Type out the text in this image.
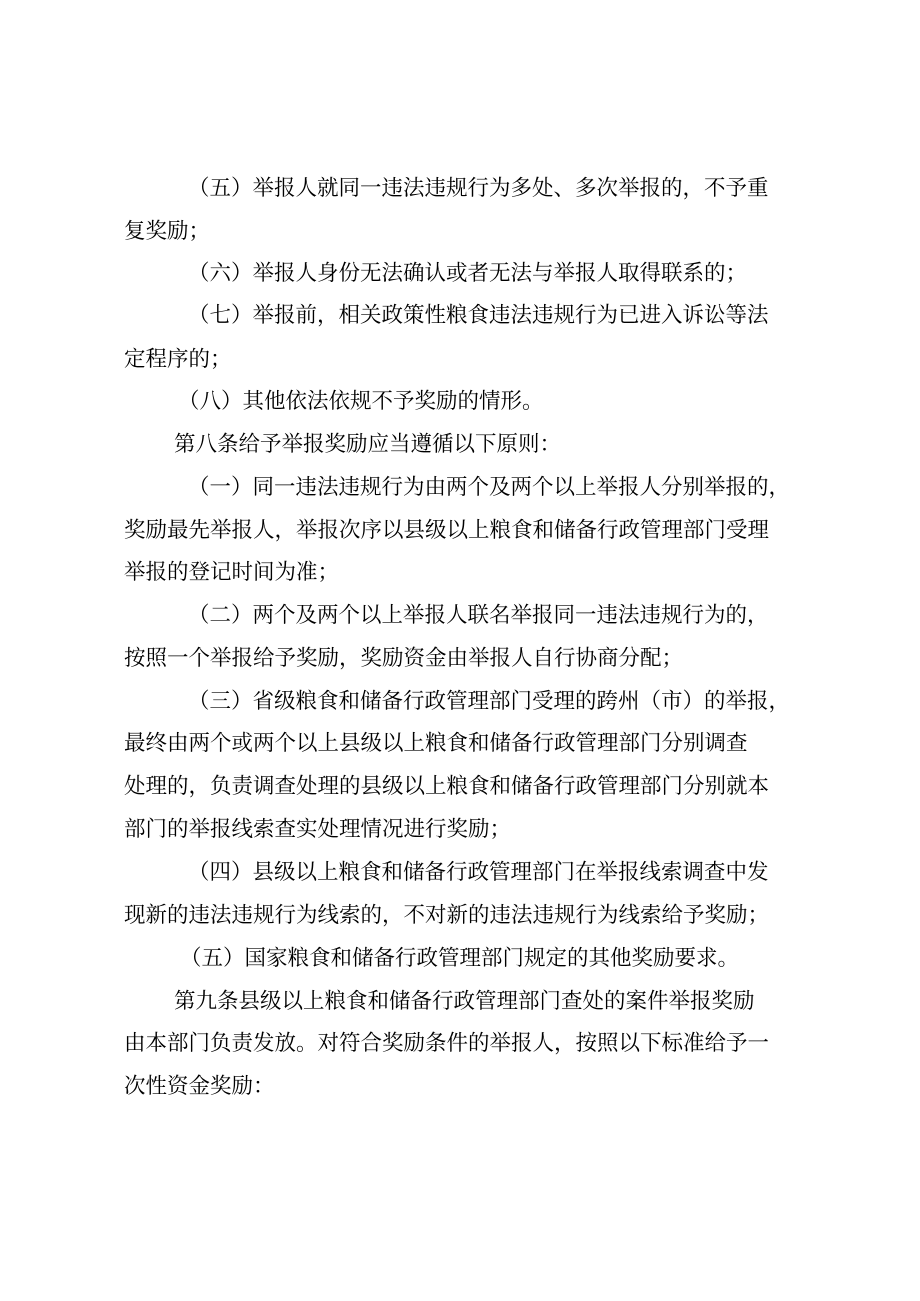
（五）举报人就同一违法违规行为多处、多次举报的，不予重
复奖励；
（六）举报人身份无法确认或者无法与举报人取得联系的；
（七）举报前，相关政策性粮食违法违规行为已进入诉讼等法
定程序的；
（八）其他依法依规不予奖励的情形。
第八条给予举报奖励应当遵循以下原则：
（一）同一违法违规行为由两个及两个以上举报人分别举报的，
奖励最先举报人，举报次序以县级以上粮食和储备行政管理部门受理
举报的登记时间为准；
（二）两个及两个以上举报人联名举报同一违法违规行为的，
按照一个举报给予奖励，奖励资金由举报人自行协商分配；
（三）省级粮食和储备行政管理部门受理的跨州（市）的举报，
最终由两个或两个以上县级以上粮食和储备行政管理部门分别调查
处理的，负责调查处理的县级以上粮食和储备行政管理部门分别就本
部门的举报线索查实处理情况进行奖励；
（四）县级以上粮食和储备行政管理部门在举报线索调查中发
现新的违法违规行为线索的，不对新的违法违规行为线索给予奖励；
（五）国家粮食和储备行政管理部门规定的其他奖励要求。
第九条县级以上粮食和储备行政管理部门查处的案件举报奖励
由本部门负责发放。对符合奖励条件的举报人，按照以下标准给予一
次性资金奖励：
